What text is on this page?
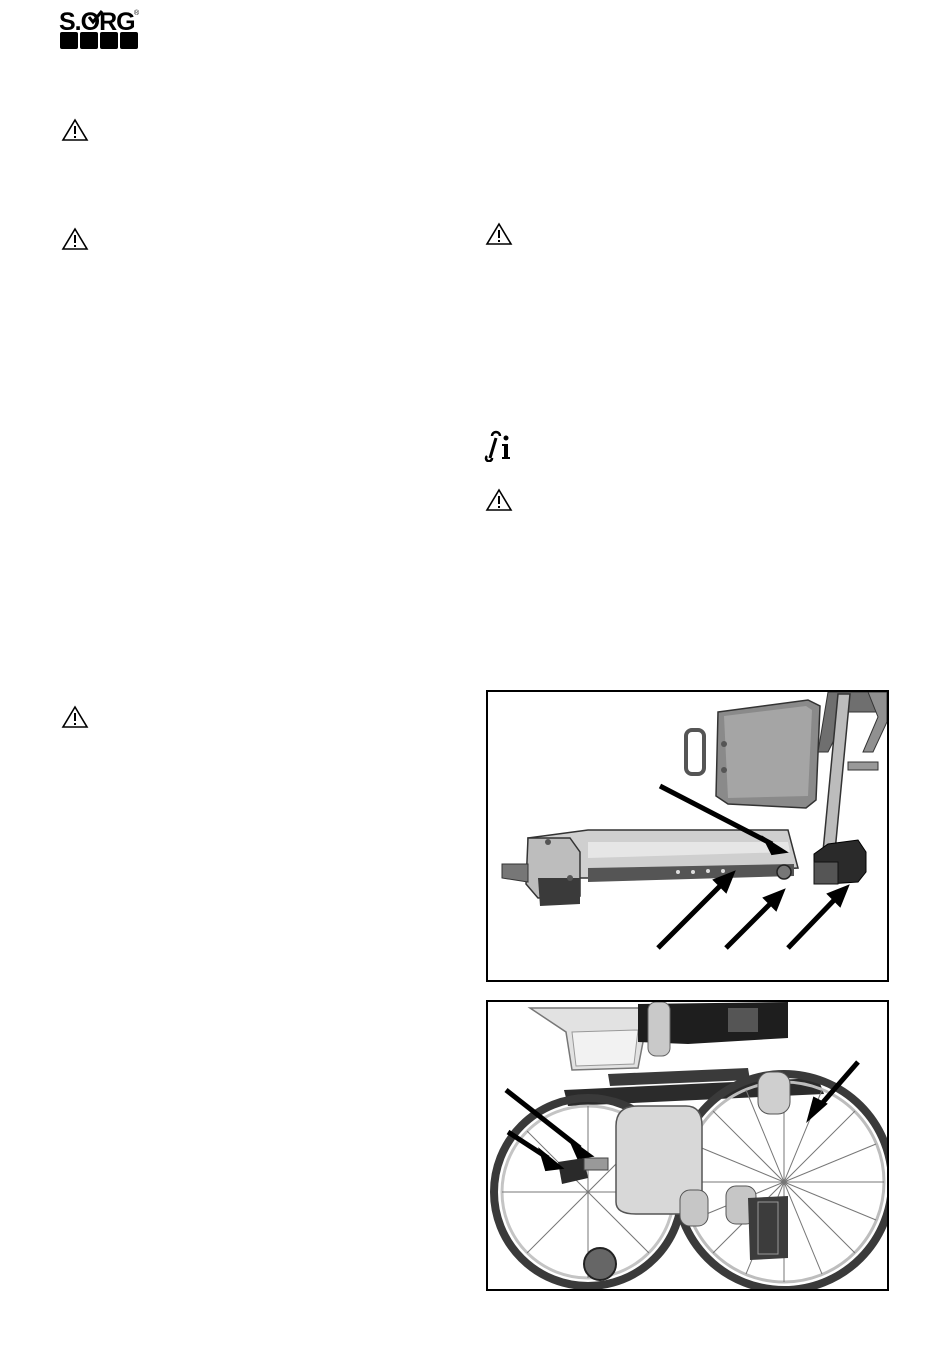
S.ORG ®
